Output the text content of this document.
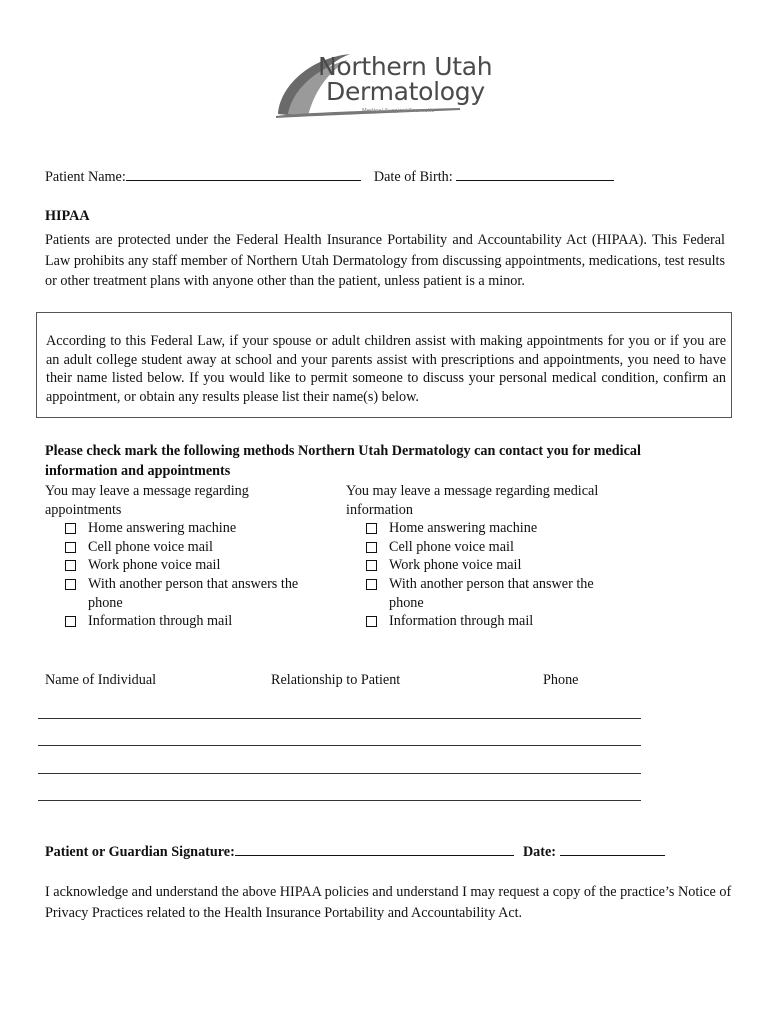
Northern Utah
Dermatology
Medical Surgical Cosmetic
Patient Name:	Date of Birth:
HIPAA
Patients are protected under the Federal Health Insurance Portability and Accountability Act (HIPAA). This Federal Law prohibits any staff member of Northern Utah Dermatology from discussing appointments, medications, test results or other treatment plans with anyone other than the patient, unless patient is a minor.
According to this Federal Law, if your spouse or adult children assist with making appointments for you or if you are an adult college student away at school and your parents assist with prescriptions and appointments, you need to have their name listed below. If you would like to permit someone to discuss your personal medical condition, confirm an appointment, or obtain any results please list their name(s) below.
Please check mark the following methods Northern Utah Dermatology can contact you for medical information and appointments

You may leave a message regarding appointments

Home answering machine
Cell phone voice mail
Work phone voice mail
With another person that answers the phone
Information through mail

You may leave a message regarding medical information

Home answering machine
Cell phone voice mail
Work phone voice mail
With another person that answer the phone
Information through mail
Name of Individual	Relationship to Patient	Phone
Patient or Guardian Signature:	Date:
I acknowledge and understand the above HIPAA policies and understand I may request a copy of the practice’s Notice of Privacy Practices related to the Health Insurance Portability and Accountability Act.
